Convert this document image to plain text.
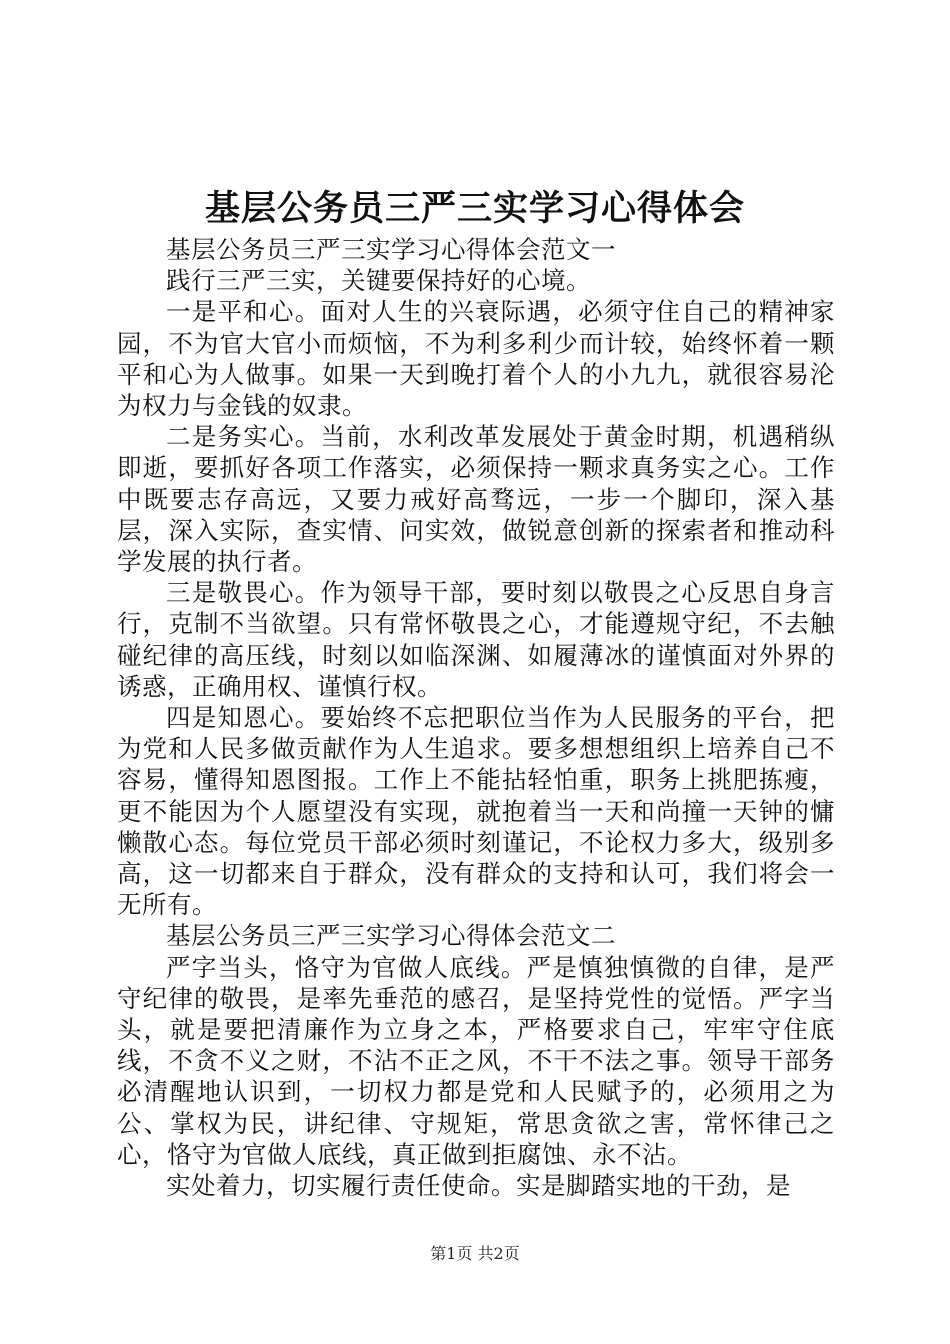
基层公务员三严三实学习心得体会

基层公务员三严三实学习心得体会范文一

践行三严三实，关键要保持好的心境。

一是平和心。面对人生的兴衰际遇，必须守住自己的精神家园，不为官大官小而烦恼，不为利多利少而计较，始终怀着一颗平和心为人做事。如果一天到晚打着个人的小九九，就很容易沦为权力与金钱的奴隶。

二是务实心。当前，水利改革发展处于黄金时期，机遇稍纵即逝，要抓好各项工作落实，必须保持一颗求真务实之心。工作中既要志存高远，又要力戒好高骛远，一步一个脚印，深入基层，深入实际，查实情、问实效，做锐意创新的探索者和推动科学发展的执行者。

三是敬畏心。作为领导干部，要时刻以敬畏之心反思自身言行，克制不当欲望。只有常怀敬畏之心，才能遵规守纪，不去触碰纪律的高压线，时刻以如临深渊、如履薄冰的谨慎面对外界的诱惑，正确用权、谨慎行权。

四是知恩心。要始终不忘把职位当作为人民服务的平台，把为党和人民多做贡献作为人生追求。要多想想组织上培养自己不容易，懂得知恩图报。工作上不能拈轻怕重，职务上挑肥拣瘦，更不能因为个人愿望没有实现，就抱着当一天和尚撞一天钟的慵懒散心态。每位党员干部必须时刻谨记，不论权力多大，级别多高，这一切都来自于群众，没有群众的支持和认可，我们将会一无所有。

基层公务员三严三实学习心得体会范文二

严字当头，恪守为官做人底线。严是慎独慎微的自律，是严守纪律的敬畏，是率先垂范的感召，是坚持党性的觉悟。严字当头，就是要把清廉作为立身之本，严格要求自己，牢牢守住底线，不贪不义之财，不沾不正之风，不干不法之事。领导干部务必清醒地认识到，一切权力都是党和人民赋予的，必须用之为公、掌权为民，讲纪律、守规矩，常思贪欲之害，常怀律己之心，恪守为官做人底线，真正做到拒腐蚀、永不沾。

实处着力，切实履行责任使命。实是脚踏实地的干劲，是

第1页 共2页
